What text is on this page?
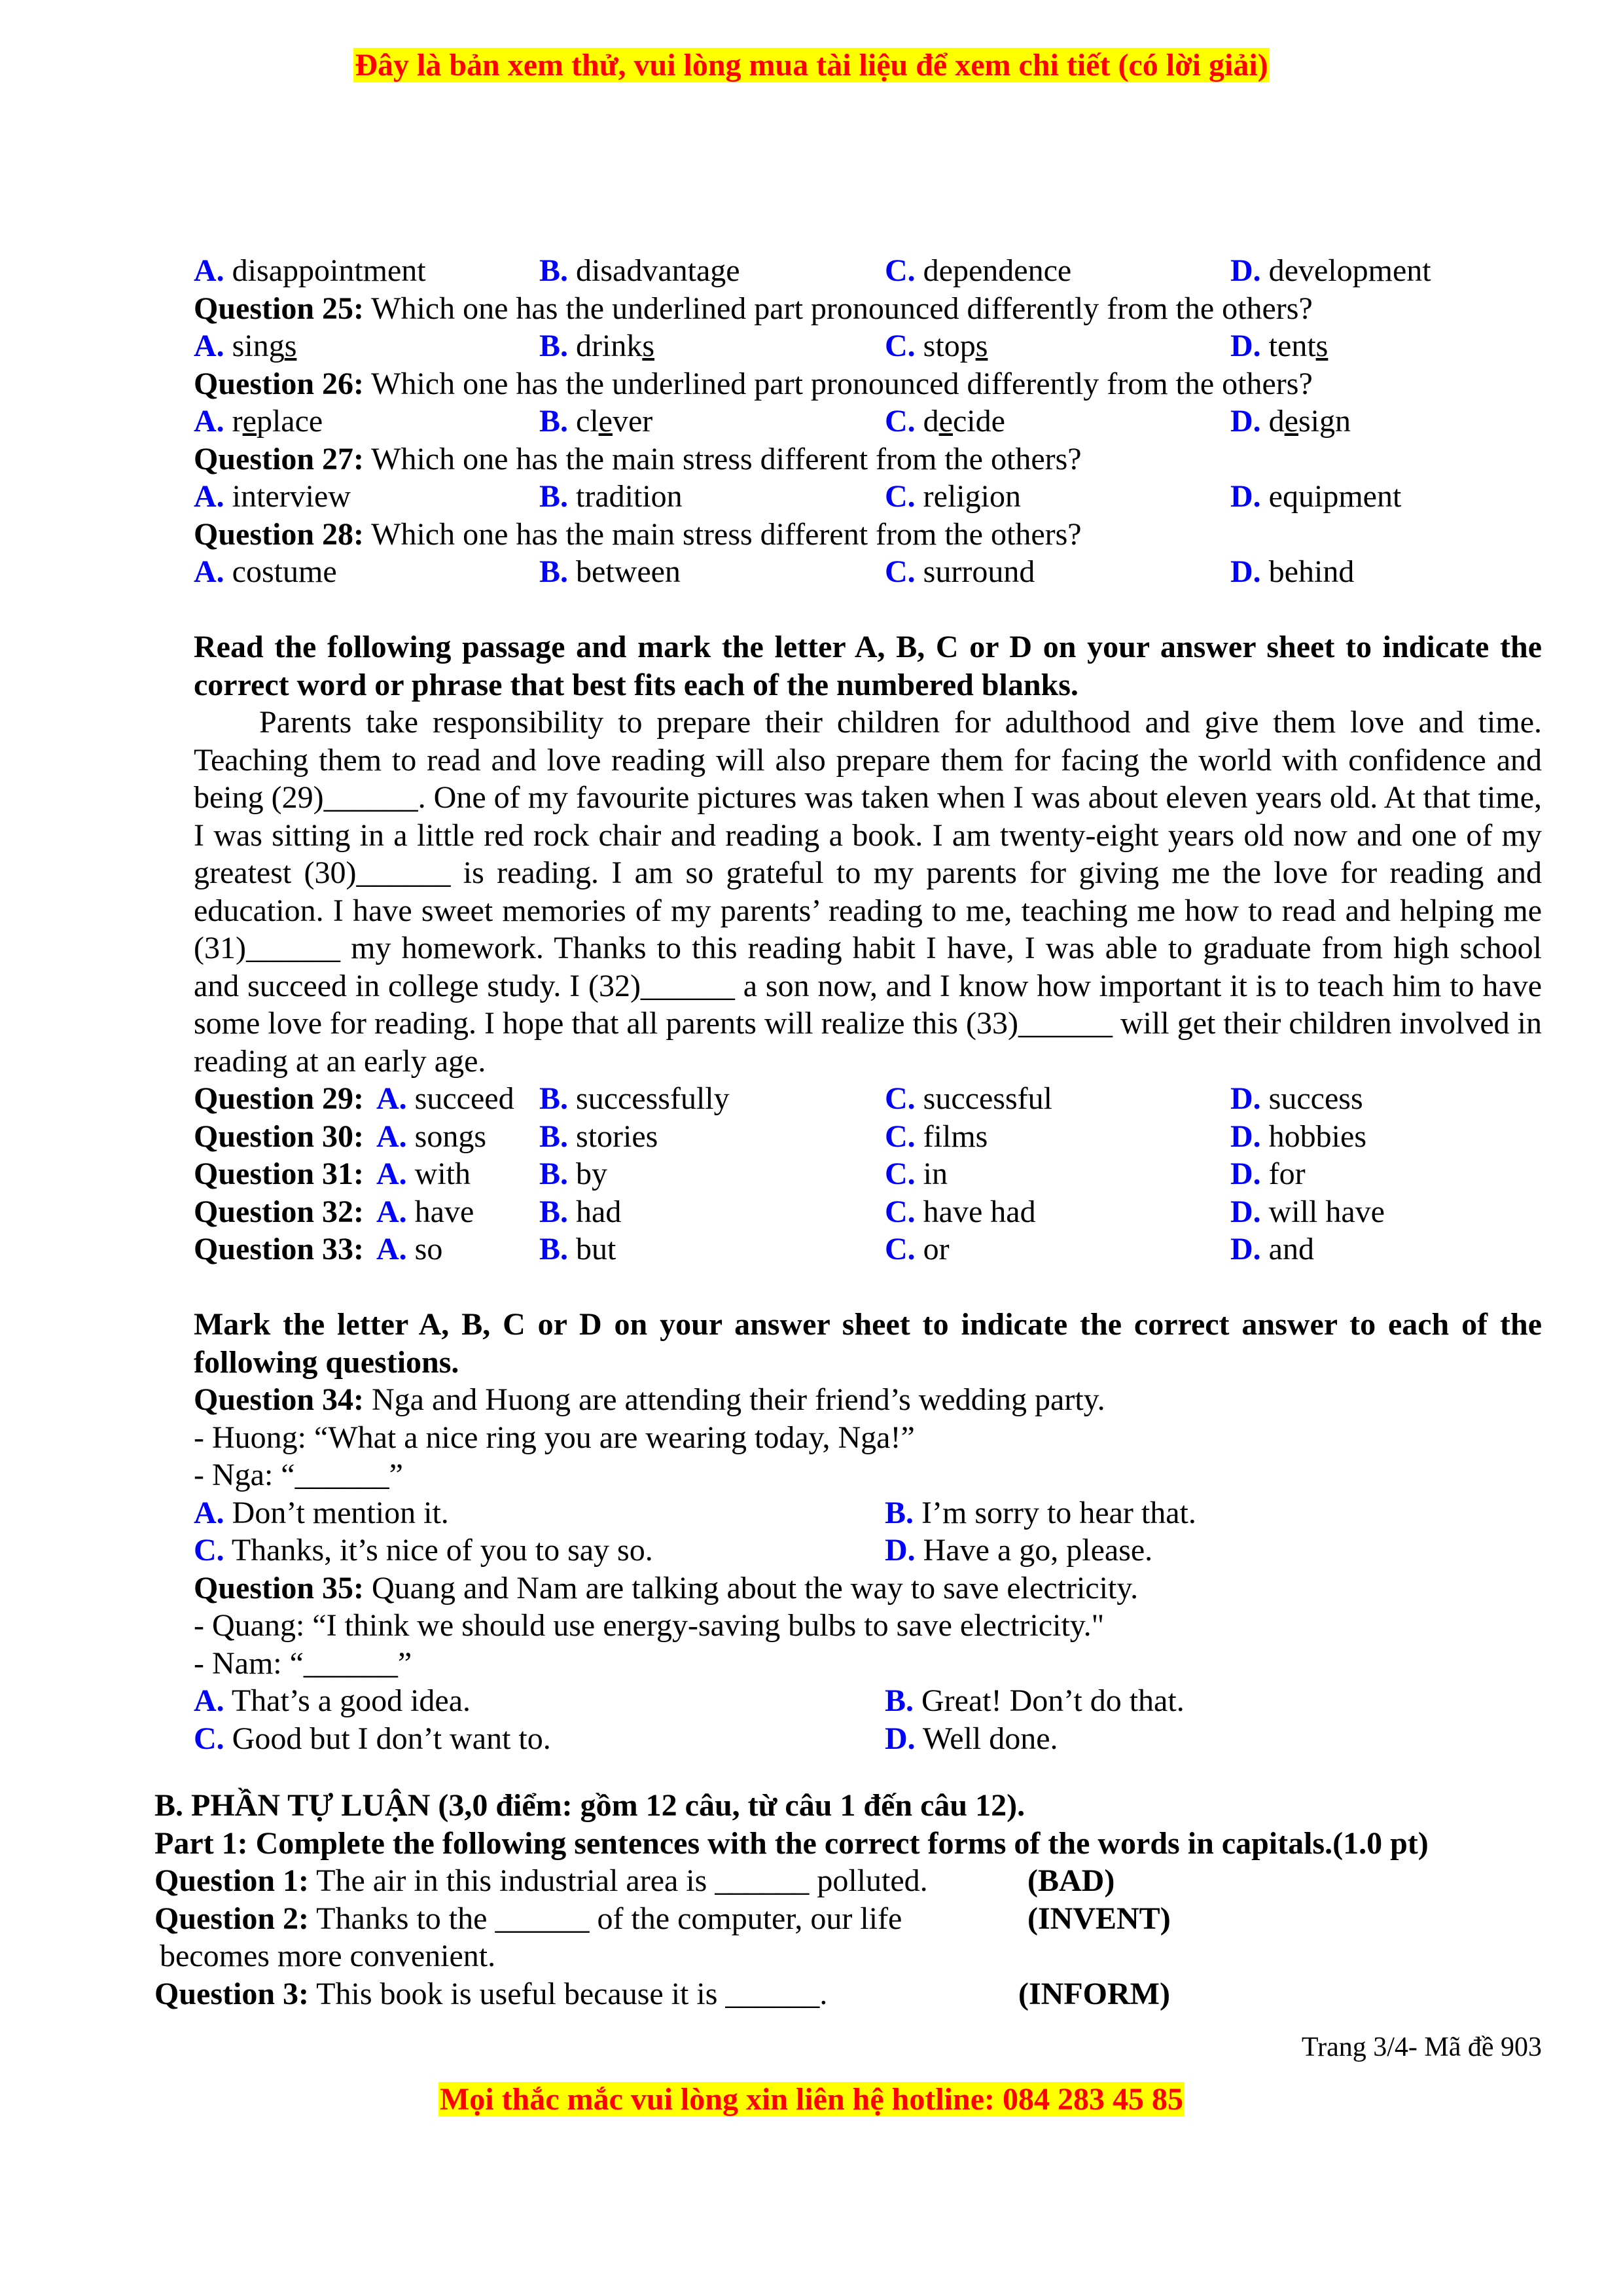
Đây là bản xem thử, vui lòng mua tài liệu để xem chi tiết (có lời giải)
A. disappointment	B. disadvantage	C. dependence	D. development
Question 25: Which one has the underlined part pronounced differently from the others?
A. sings	B. drinks	C. stops	D. tents
Question 26: Which one has the underlined part pronounced differently from the others?
A. replace	B. clever	C. decide	D. design
Question 27: Which one has the main stress different from the others?
A. interview	B. tradition	C. religion	D. equipment
Question 28: Which one has the main stress different from the others?
A. costume	B. between	C. surround	D. behind
Read the following passage and mark the letter A, B, C or D on your answer sheet to indicate the correct word or phrase that best fits each of the numbered blanks.
Parents take responsibility to prepare their children for adulthood and give them love and time. Teaching them to read and love reading will also prepare them for facing the world with confidence and being (29)______. One of my favourite pictures was taken when I was about eleven years old. At that time, I was sitting in a little red rock chair and reading a book. I am twenty-eight years old now and one of my greatest (30)______ is reading. I am so grateful to my parents for giving me the love for reading and education. I have sweet memories of my parents’ reading to me, teaching me how to read and helping me (31)______ my homework. Thanks to this reading habit I have, I was able to graduate from high school and succeed in college study. I (32)______ a son now, and I know how important it is to teach him to have some love for reading. I hope that all parents will realize this (33)______ will get their children involved in reading at an early age.
Question 29: A. succeed B. successfully	C. successful	D. success
Question 30: A. songs B. stories	C. films	D. hobbies
Question 31: A. with B. by	C. in	D. for
Question 32: A. have B. had	C. have had	D. will have
Question 33: A. so	B. but	C. or	D. and
Mark the letter A, B, C or D on your answer sheet to indicate the correct answer to each of the following questions.
Question 34: Nga and Huong are attending their friend’s wedding party.
- Huong: “What a nice ring you are wearing today, Nga!”
- Nga: “______”
A. Don’t mention it.	B. I’m sorry to hear that.
C. Thanks, it’s nice of you to say so.	D. Have a go, please.
Question 35: Quang and Nam are talking about the way to save electricity.
- Quang: “I think we should use energy-saving bulbs to save electricity."
- Nam: “______”
A. That’s a good idea.	B. Great! Don’t do that.
C. Good but I don’t want to.	D. Well done.
B. PHẦN TỰ LUẬN (3,0 điểm: gồm 12 câu, từ câu 1 đến câu 12).
Part 1: Complete the following sentences with the correct forms of the words in capitals.(1.0 pt)
Question 1: The air in this industrial area is ______ polluted.	(BAD)
Question 2: Thanks to the ______ of the computer, our life	(INVENT)
becomes more convenient.
Question 3: This book is useful because it is ______.	(INFORM)
Trang 3/4- Mã đề 903
Mọi thắc mắc vui lòng xin liên hệ hotline: 084 283 45 85
